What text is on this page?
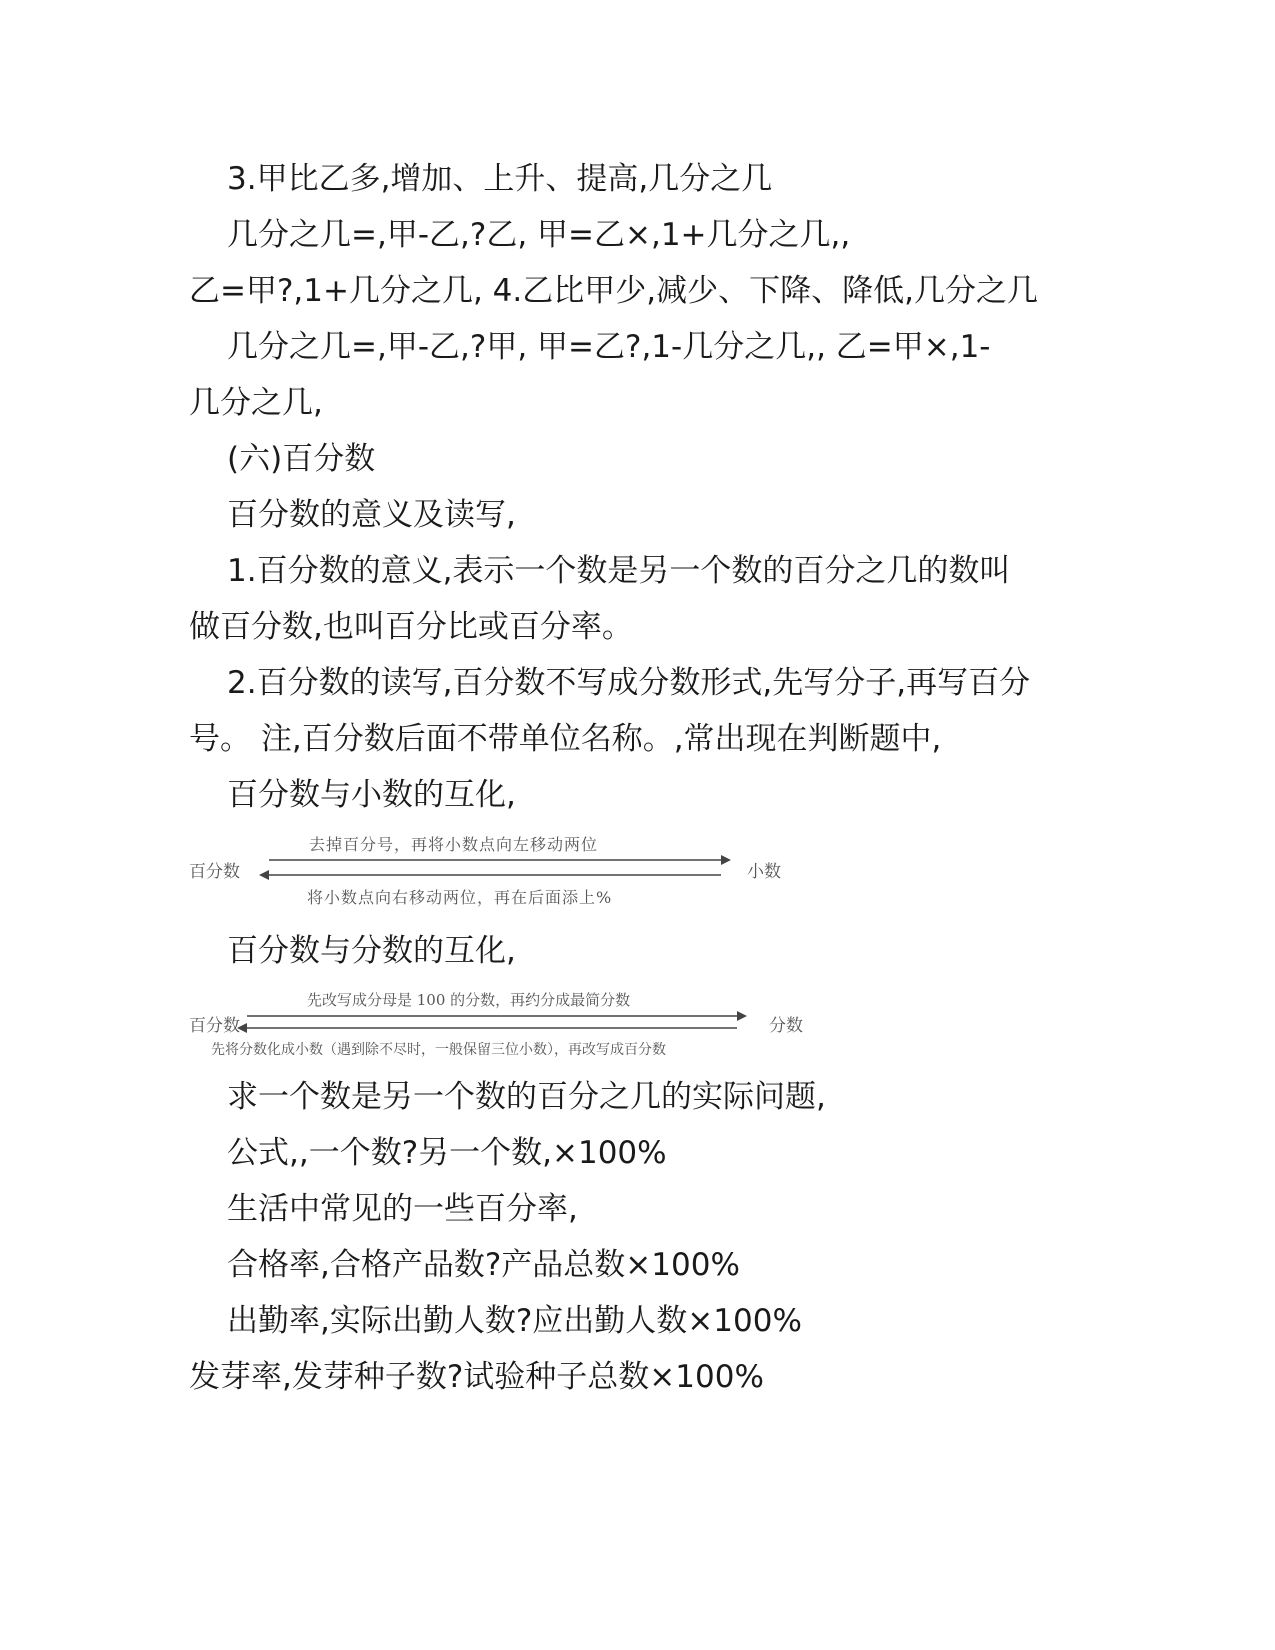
3.甲比乙多,增加、上升、提高,几分之几

几分之几=,甲-乙,?乙, 甲=乙×,1+几分之几,,

乙=甲?,1+几分之几, 4.乙比甲少,减少、下降、降低,几分之几

几分之几=,甲-乙,?甲, 甲=乙?,1-几分之几,, 乙=甲×,1-

几分之几,

(六)百分数

百分数的意义及读写,

1.百分数的意义,表示一个数是另一个数的百分之几的数叫

做百分数,也叫百分比或百分率。

2.百分数的读写,百分数不写成分数形式,先写分子,再写百分

号。 注,百分数后面不带单位名称。,常出现在判断题中,

百分数与小数的互化,

百分数	小数
去掉百分号，再将小数点向左移动两位
将小数点向右移动两位，再在后面添上%

百分数与分数的互化,

百分数	分数
先改写成分母是 100 的分数，再约分成最简分数
先将分数化成小数（遇到除不尽时，一般保留三位小数），再改写成百分数

求一个数是另一个数的百分之几的实际问题,

公式,,一个数?另一个数,×100%

生活中常见的一些百分率,

合格率,合格产品数?产品总数×100%

出勤率,实际出勤人数?应出勤人数×100%

发芽率,发芽种子数?试验种子总数×100%
